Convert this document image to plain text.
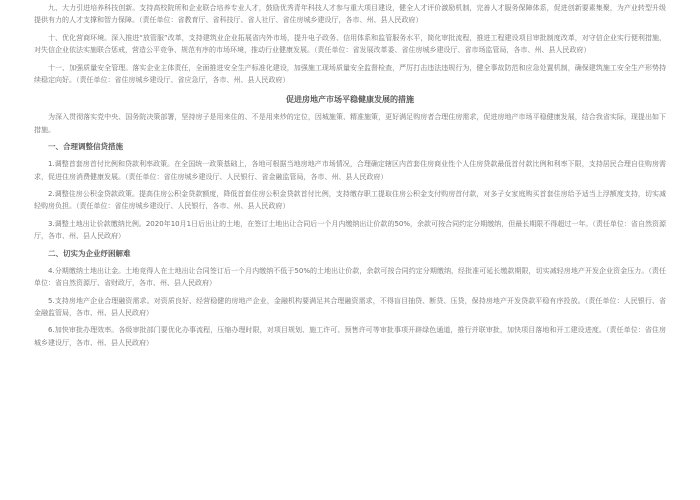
九、大力引进培养科技创新。支持高校院所和企业联合培养专业人才，鼓励优秀青年科技人才参与重大项目建设，健全人才评价激励机制，完善人才服务保障体系，促进创新要素集聚，为产业转型升级提供有力的人才支撑和智力保障。（责任单位：省教育厅、省科技厅、省人社厅、省住房城乡建设厅，各市、州、县人民政府）

十、优化营商环境。深入推进“放管服”改革，支持建筑业企业拓展省内外市场，提升电子政务、信用体系和监管服务水平，简化审批流程，推进工程建设项目审批制度改革，对守信企业实行便利措施，对失信企业依法实施联合惩戒，营造公平竞争、规范有序的市场环境，推动行业健康发展。（责任单位：省发展改革委、省住房城乡建设厅、省市场监管局，各市、州、县人民政府）

十一、加强质量安全管理。落实企业主体责任，全面推进安全生产标准化建设，加强施工现场质量安全监督检查，严厉打击违法违规行为，健全事故防范和应急处置机制，确保建筑施工安全生产形势持续稳定向好。（责任单位：省住房城乡建设厅、省应急厅，各市、州、县人民政府）

促进房地产市场平稳健康发展的措施

为深入贯彻落实党中央、国务院决策部署，坚持房子是用来住的、不是用来炒的定位，因城施策、精准施策，更好满足购房者合理住房需求，促进房地产市场平稳健康发展，结合我省实际，现提出如下措施。

一、合理调整信贷措施

1.调整首套房首付比例和贷款利率政策。在全国统一政策基础上，各地可根据当地房地产市场情况，合理确定辖区内首套住房商业性个人住房贷款最低首付款比例和利率下限，支持居民合理自住购房需求，促进住房消费健康发展。（责任单位：省住房城乡建设厅、人民银行、省金融监管局，各市、州、县人民政府）

2.调整住房公积金贷款政策。提高住房公积金贷款额度，降低首套住房公积金贷款首付比例，支持缴存职工提取住房公积金支付购房首付款，对多子女家庭购买首套住房给予适当上浮额度支持，切实减轻购房负担。（责任单位：省住房城乡建设厅、人民银行，各市、州、县人民政府）

3.调整土地出让价款缴纳比例。2020年10月1日后出让的土地，在签订土地出让合同后一个月内缴纳出让价款的50%，余款可按合同约定分期缴纳，但最长期限不得超过一年。（责任单位：省自然资源厅，各市、州、县人民政府）

二、切实为企业纾困解难

4.分期缴纳土地出让金。土地竞得人在土地出让合同签订后一个月内缴纳不低于50%的土地出让价款，余款可按合同约定分期缴纳，经批准可延长缴款期限，切实减轻房地产开发企业资金压力。（责任单位：省自然资源厅、省财政厅，各市、州、县人民政府）

5.支持房地产企业合理融资需求。对资质良好、经营稳健的房地产企业，金融机构要满足其合理融资需求，不得盲目抽贷、断贷、压贷，保持房地产开发贷款平稳有序投放。（责任单位：人民银行、省金融监管局，各市、州、县人民政府）

6.加快审批办理效率。各级审批部门要优化办事流程，压缩办理时限，对项目规划、施工许可、预售许可等审批事项开辟绿色通道，推行并联审批，加快项目落地和开工建设进度。（责任单位：省住房城乡建设厅，各市、州、县人民政府）
